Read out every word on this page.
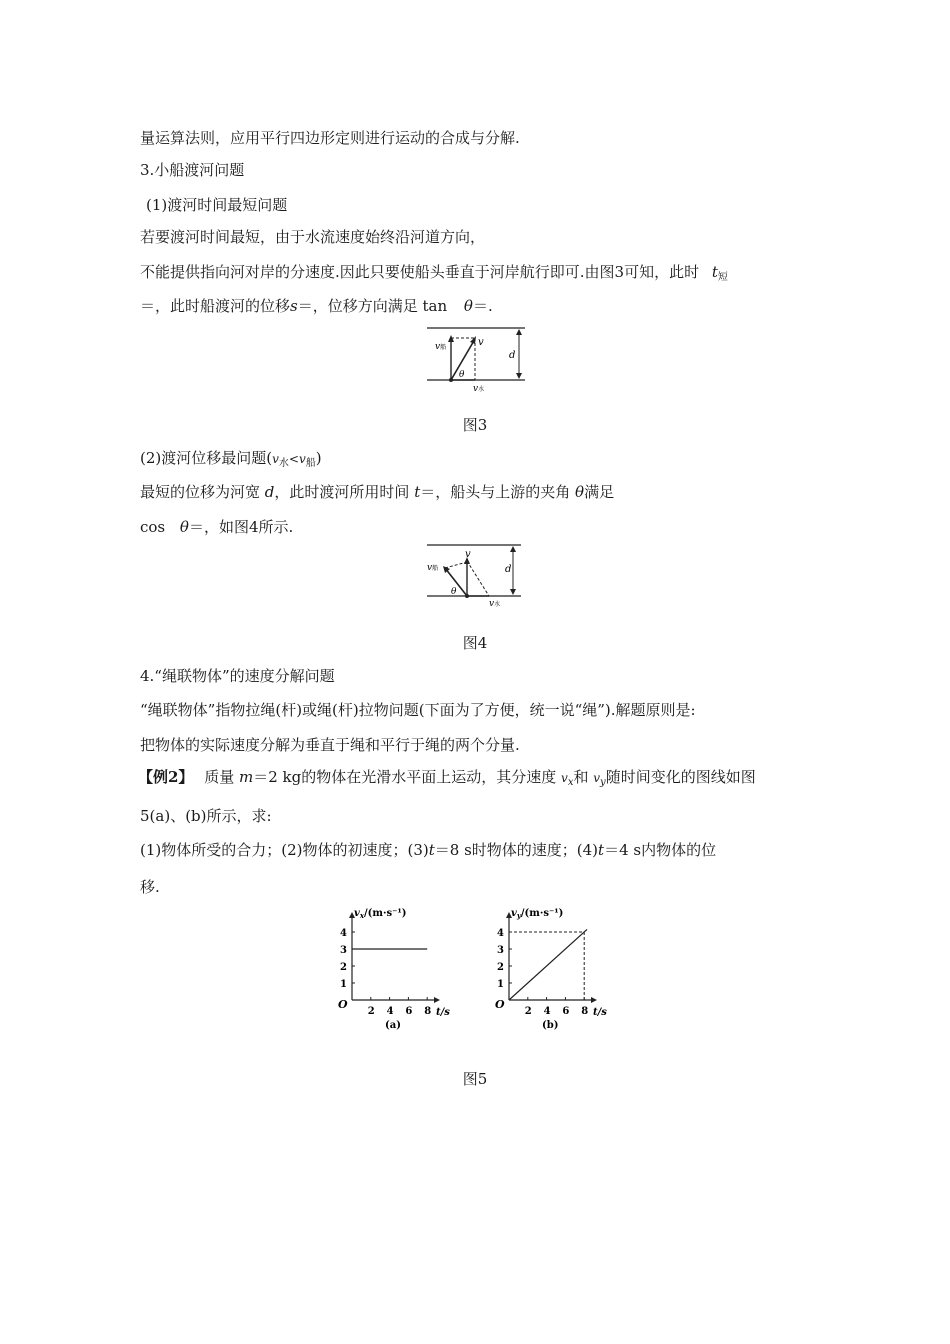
量运算法则，应用平行四边形定则进行运动的合成与分解.
3.小船渡河问题
(1)渡河时间最短问题
若要渡河时间最短，由于水流速度始终沿河道方向，
不能提供指向河对岸的分速度.因此只要使船头垂直于河岸航行即可.由图3可知，此时 $t_短$
＝，此时船渡河的位移s＝，位移方向满足 tan θ＝.
v船	v
θ
v水
d
图3
(2)渡河位移最问题$(v_水<v_船)$
最短的位移为河宽 d，此时渡河所用时间 t＝，船头与上游的夹角 θ满足
cos θ＝，如图4所示.
v船
v
θ
v水
d
图4
4.“绳联物体”的速度分解问题
“绳联物体”指物拉绳(杆)或绳(杆)拉物问题(下面为了方便，统一说“绳”).解题原则是:
把物体的实际速度分解为垂直于绳和平行于绳的两个分量.
【例2】 质量 m＝2 kg的物体在光滑水平面上运动，其分速度 $v_x$和 $v_y$随时间变化的图线如图
5(a)、(b)所示，求:
(1)物体所受的合力；(2)物体的初速度；(3)t＝8 s时物体的速度；(4)t＝4 s内物体的位
移.
$v_x/(m\cdot s^{-1})$
O
2 4 6 8
1
2
3
4
t/s
(a)
$v_y/(m\cdot s^{-1})$
O
2 4 6 8
1
2
3
4
t/s
(b)
图5
